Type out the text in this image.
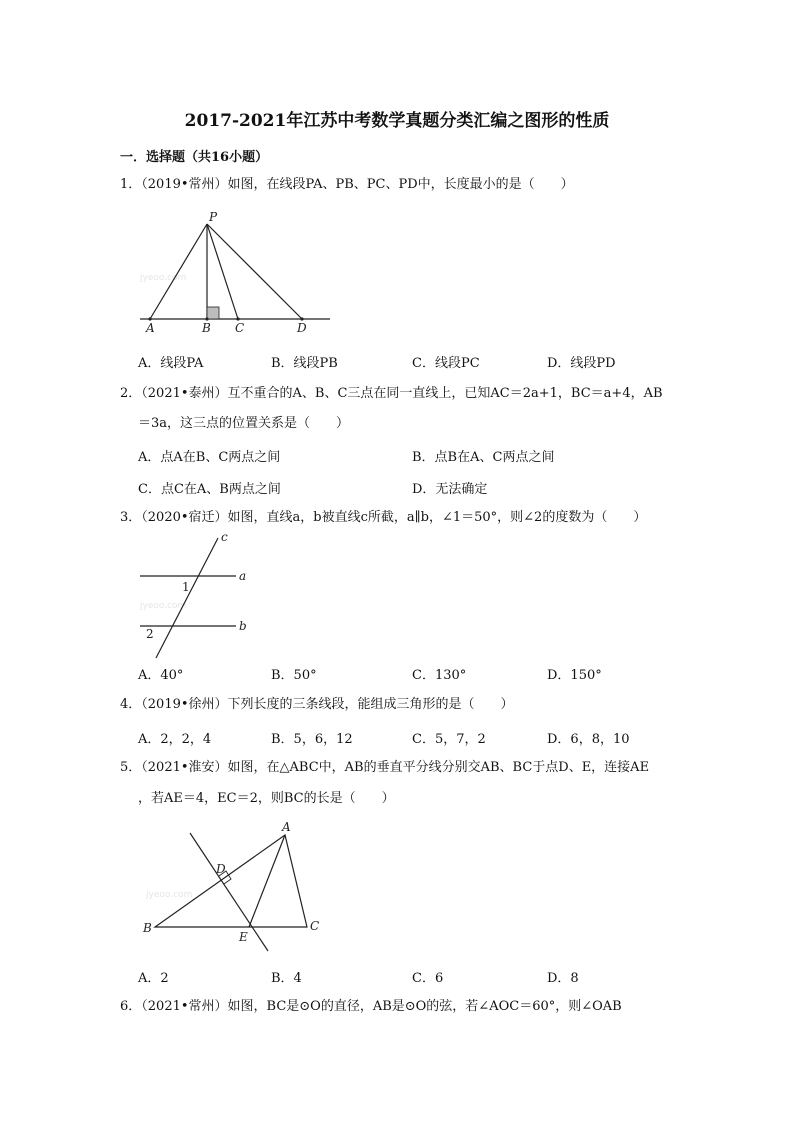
2017-2021年江苏中考数学真题分类汇编之图形的性质
一．选择题（共16小题）
1．（2019•常州）如图，在线段PA、PB、PC、PD中，长度最小的是（　　）
jyeoo.com
P
A	B C	D
A．线段PA	B．线段PB	C．线段PC	D．线段PD
2．（2021•泰州）互不重合的A、B、C三点在同一直线上，已知AC＝2a+1，BC＝a+4，AB
＝3a，这三点的位置关系是（　　）
A．点A在B、C两点之间	B．点B在A、C两点之间
C．点C在A、B两点之间	D．无法确定
3．（2020•宿迁）如图，直线a，b被直线c所截，a∥b，∠1＝50°，则∠2的度数为（　　）
jyeoo.com
c
a
b
1
2
A．40°	B．50°	C．130°	D．150°
4．（2019•徐州）下列长度的三条线段，能组成三角形的是（　　）
A．2，2，4	B．5，6，12	C．5，7，2	D．6，8，10
5．（2021•淮安）如图，在△ABC中，AB的垂直平分线分别交AB、BC于点D、E，连接AE
，若AE＝4，EC＝2，则BC的长是（　　）
jyeoo.com
A
B	C
D
E
A．2	B．4	C．6	D．8
6．（2021•常州）如图，BC是⊙O的直径，AB是⊙O的弦，若∠AOC＝60°，则∠OAB
